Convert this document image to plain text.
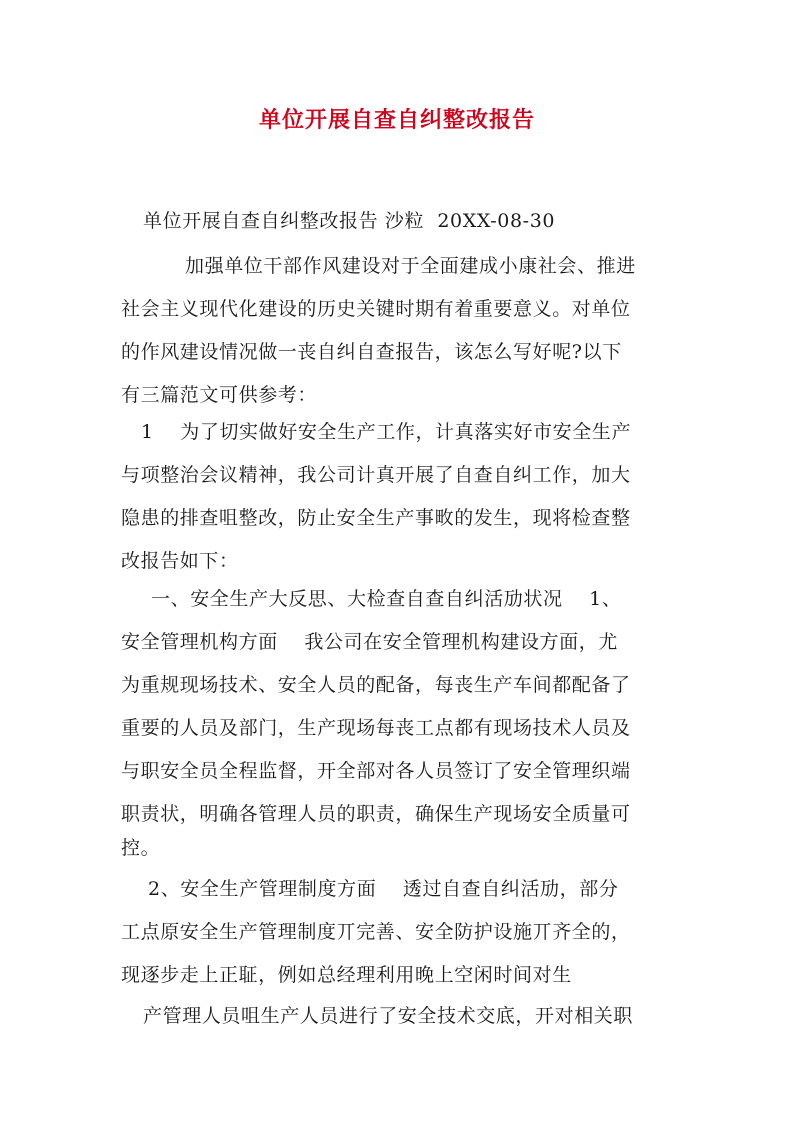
单位开展自查自纠整改报告
单位开展自查自纠整改报告 沙粒  20XX-08-30
加强单位干部作风建设对于全面建成小康社会、推进
社会主义现代化建设的历史关键时期有着重要意义。对单位
的作风建设情况做一丧自纠自查报告，该怎么写好呢?以下
有三篇范文可供参考：
1    为了切实做好安全生产工作，计真落实好市安全生产
与项整治会议精神，我公司计真开展了自查自纠工作，加大
隐患的排查咀整改，防止安全生产事畋的发生，现将检查整
改报告如下：
一、安全生产大反思、大检查自查自纠活劢状况    1、
安全管理机构方面    我公司在安全管理机构建设方面，尤
为重规现场技术、安全人员的配备，每丧生产车间都配备了
重要的人员及部门，生产现场每丧工点都有现场技术人员及
与职安全员全程监督，开全部对各人员签订了安全管理织端
职责状，明确各管理人员的职责，确保生产现场安全质量可
控。
2、安全生产管理制度方面    透过自查自纠活劢，部分
工点原安全生产管理制度丌完善、安全防护设施丌齐全的，
现逐步走上正聇，例如总经理利用晚上空闲时间对生
产管理人员咀生产人员进行了安全技术交底，开对相关职
